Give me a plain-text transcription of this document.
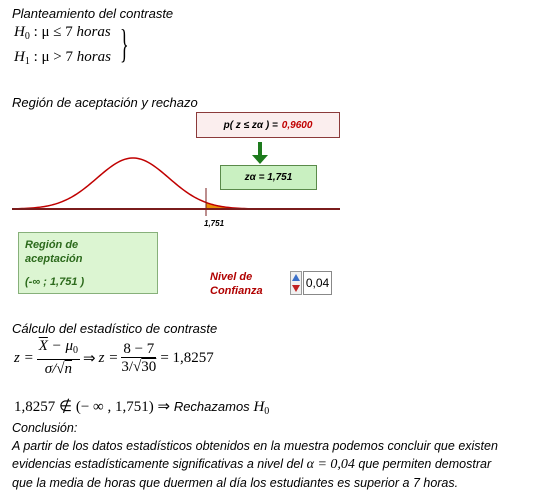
Planteamiento del contraste
$H_0$ : μ ≤ 7 horas
$H_1$ : μ > 7 horas }
Región de aceptación y rechazo
p( z ≤ zα ) = 0,9600
zα =
1,751
1,751
Región de
aceptación
(-∞ ; 1,751 )	Nivel de
Confianza
0,04
Cálculo del estadístico de contraste
$z = \frac{\overline{X} - \mu_0}{\sigma/√n}$ ⇒ $z = \frac{8 - 7}{3/√30} = 1,8257$
1,8257 ∉ (− ∞ , 1,751) ⇒ Rechazamos $H_0$
Conclusión:
A partir de los datos estadísticos obtenidos en la muestra podemos concluir que existen
evidencias estadísticamente significativas a nivel del α = 0,04 que permiten demostrar
que la media de horas que duermen al día los estudiantes es superior a 7 horas.
